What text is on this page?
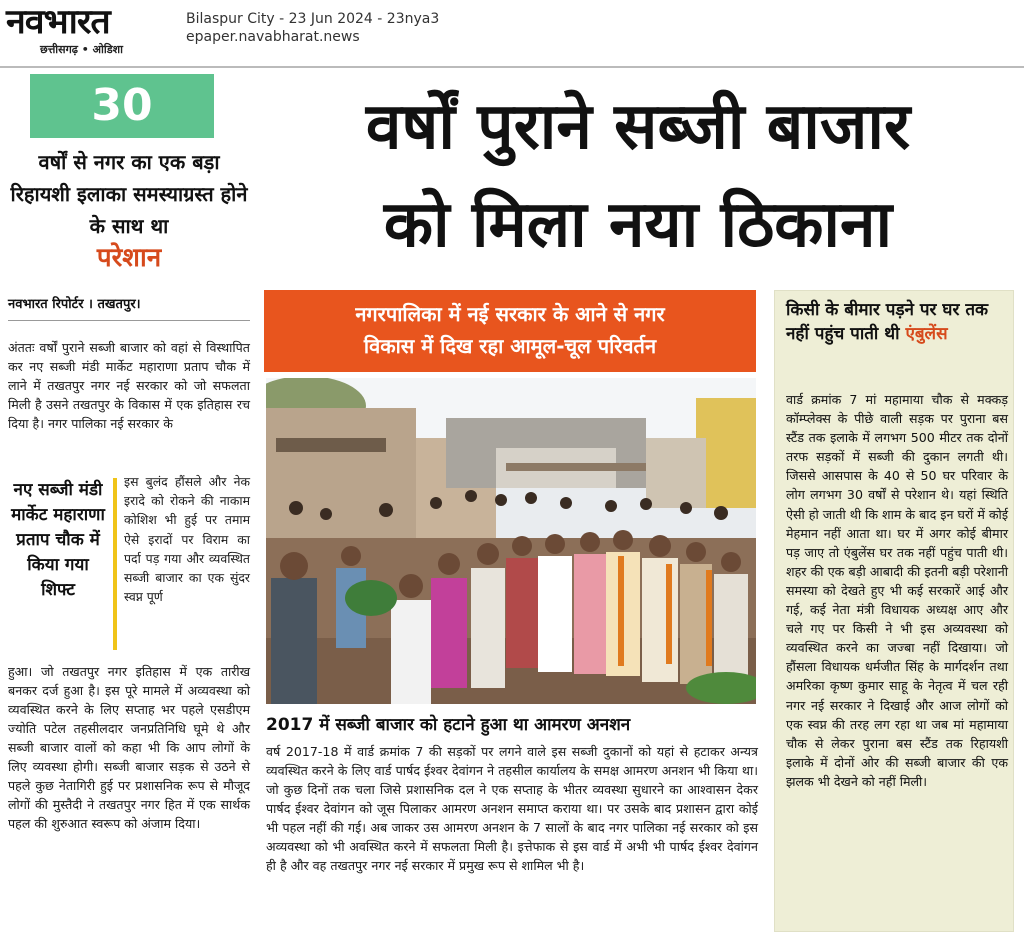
नवभारत
छत्तीसगढ़ • ओडिशा
Bilaspur City - 23 Jun 2024 - 23nya3
epaper.navabharat.news
30
वर्षों से नगर का एक बड़ा रिहायशी इलाका समस्याग्रस्त होने के साथ था
परेशान
नवभारत रिपोर्टर । तखतपुर।
अंततः वर्षों पुराने सब्जी बाजार को वहां से विस्थापित कर नए सब्जी मंडी मार्केट महाराणा प्रताप चौक में लाने में तखतपुर नगर नई सरकार को जो सफलता मिली है उसने तखतपुर के विकास में एक इतिहास रच दिया है। नगर पालिका नई सरकार के
नए सब्जी मंडी मार्केट महाराणा प्रताप चौक में किया गया शिफ्ट
इस बुलंद हौंसले और नेक इरादे को रोकने की नाकाम कोशिश भी हुई पर तमाम ऐसे इरादों पर विराम का पर्दा पड़ गया और व्यवस्थित सब्जी बाजार का एक सुंदर स्वप्न पूर्ण
हुआ। जो तखतपुर नगर इतिहास में एक तारीख बनकर दर्ज हुआ है। इस पूरे मामले में अव्यवस्था को व्यवस्थित करने के लिए सप्ताह भर पहले एसडीएम ज्योति पटेल तहसीलदार जनप्रतिनिधि घूमे थे और सब्जी बाजार वालों को कहा भी कि आप लोगों के लिए व्यवस्था होगी। सब्जी बाजार सड़क से उठने से पहले कुछ नेतागिरी हुई पर प्रशासनिक रूप से मौजूद लोगों की मुस्तैदी ने तखतपुर नगर हित में एक सार्थक पहल की शुरुआत स्वरूप को अंजाम दिया।
वर्षों पुराने सब्जी बाजार
को मिला नया ठिकाना
नगरपालिका में नई सरकार के आने से नगर
विकास में दिख रहा आमूल-चूल परिवर्तन
2017 में सब्जी बाजार को हटाने हुआ था आमरण अनशन
वर्ष 2017-18 में वार्ड क्रमांक 7 की सड़कों पर लगने वाले इस सब्जी दुकानों को यहां से हटाकर अन्यत्र व्यवस्थित करने के लिए वार्ड पार्षद ईश्वर देवांगन ने तहसील कार्यालय के समक्ष आमरण अनशन भी किया था। जो कुछ दिनों तक चला जिसे प्रशासनिक दल ने एक सप्ताह के भीतर व्यवस्था सुधारने का आश्वासन देकर पार्षद ईश्वर देवांगन को जूस पिलाकर आमरण अनशन समाप्त कराया था। पर उसके बाद प्रशासन द्वारा कोई भी पहल नहीं की गई। अब जाकर उस आमरण अनशन के 7 सालों के बाद नगर पालिका नई सरकार को इस अव्यवस्था को भी अवस्थित करने में सफलता मिली है। इत्तेफाक से इस वार्ड में अभी भी पार्षद ईश्वर देवांगन ही है और वह तखतपुर नगर नई सरकार में प्रमुख रूप से शामिल भी है।
किसी के बीमार पड़ने पर घर तक नहीं पहुंच पाती थी एंबुलेंस
वार्ड क्रमांक 7 मां महामाया चौक से मक्कड़ कॉम्प्लेक्स के पीछे वाली सड़क पर पुराना बस स्टैंड तक इलाके में लगभग 500 मीटर तक दोनों तरफ सड़कों में सब्जी की दुकान लगती थी। जिससे आसपास के 40 से 50 घर परिवार के लोग लगभग 30 वर्षों से परेशान थे। यहां स्थिति ऐसी हो जाती थी कि शाम के बाद इन घरों में कोई मेहमान नहीं आता था। घर में अगर कोई बीमार पड़ जाए तो एंबुलेंस घर तक नहीं पहुंच पाती थी। शहर की एक बड़ी आबादी की इतनी बड़ी परेशानी समस्या को देखते हुए भी कई सरकारें आई और गई, कई नेता मंत्री विधायक अध्यक्ष आए और चले गए पर किसी ने भी इस अव्यवस्था को व्यवस्थित करने का जज्बा नहीं दिखाया। जो हौंसला विधायक धर्मजीत सिंह के मार्गदर्शन तथा अमरिका कृष्ण कुमार साहू के नेतृत्व में चल रही नगर नई सरकार ने दिखाई और आज लोगों को एक स्वप्न की तरह लग रहा था जब मां महामाया चौक से लेकर पुराना बस स्टैंड तक रिहायशी इलाके में दोनों ओर की सब्जी बाजार की एक झलक भी देखने को नहीं मिली।
